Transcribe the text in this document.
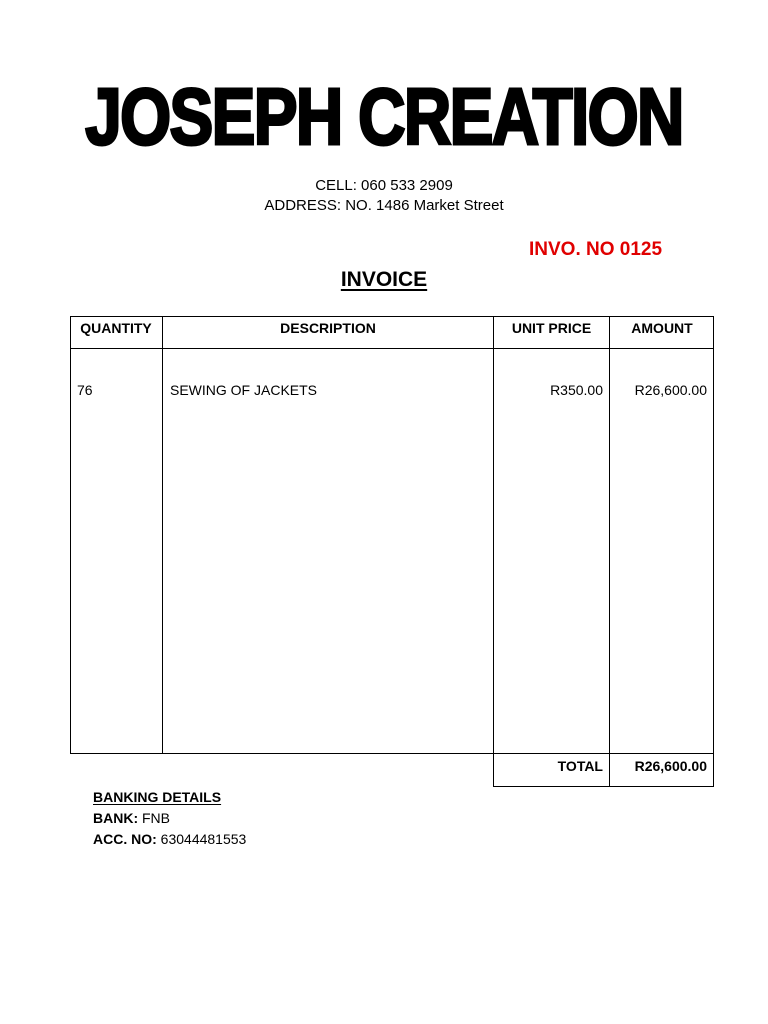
JOSEPH CREATION
CELL: 060 533 2909
ADDRESS: NO. 1486 Market Street
INVO. NO 0125
INVOICE
QUANTITY	DESCRIPTION	UNIT PRICE	AMOUNT
76	SEWING OF JACKETS	R350.00	R26,600.00
TOTAL	R26,600.00
BANKING DETAILS
BANK: FNB
ACC. NO: 63044481553
